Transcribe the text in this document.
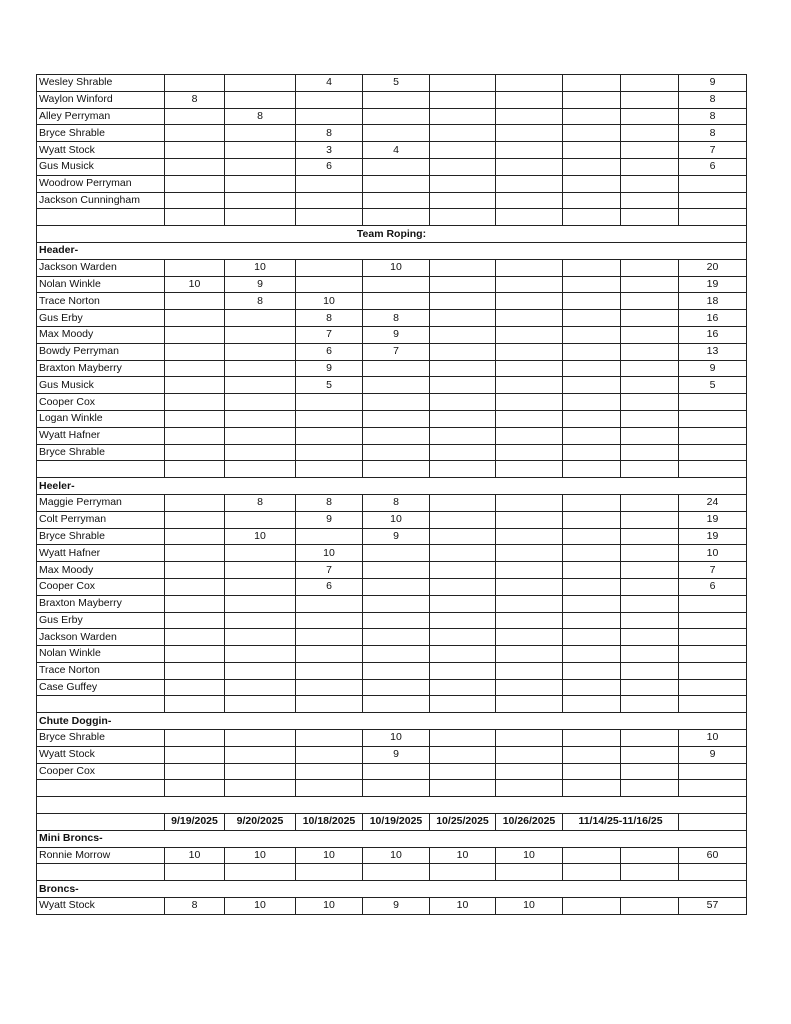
Wesley Shrable			4	5					9
Waylon Winford	8								8
Alley Perryman		8							8
Bryce Shrable			8						8
Wyatt Stock			3	4					7
Gus Musick			6						6
Woodrow Perryman									
Jackson Cunningham									

Team Roping:									
Header-									
Jackson Warden		10		10					20
Nolan Winkle	10	9							19
Trace Norton		8	10						18
Gus Erby			8	8					16
Max Moody			7	9					16
Bowdy Perryman			6	7					13
Braxton Mayberry			9						9
Gus Musick			5						5
Cooper Cox									
Logan Winkle									
Wyatt Hafner									
Bryce Shrable									

Heeler-									
Maggie Perryman		8	8	8					24
Colt Perryman			9	10					19
Bryce Shrable		10		9					19
Wyatt Hafner			10						10
Max Moody			7						7
Cooper Cox			6						6
Braxton Mayberry									
Gus Erby									
Jackson Warden									
Nolan Winkle									
Trace Norton									
Case Guffey									

Chute Doggin-									
Bryce Shrable				10					10
Wyatt Stock				9					9
Cooper Cox									

	9/19/2025	9/20/2025	10/18/2025	10/19/2025	10/25/2025	10/26/2025	11/14/25-11/16/25		
Mini Broncs-									
Ronnie Morrow	10	10	10	10	10	10			60

Broncs-									
Wyatt Stock	8	10	10	9	10	10			57
